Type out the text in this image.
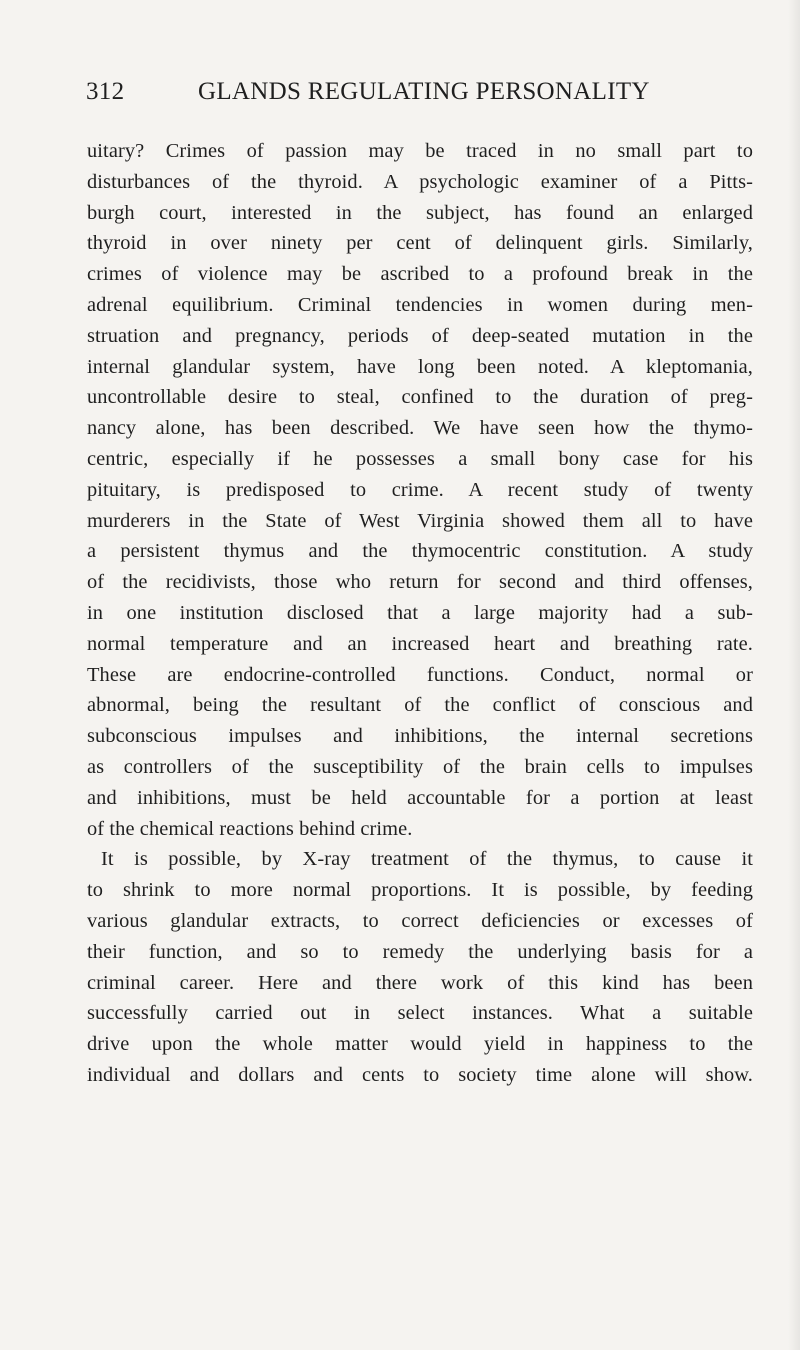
312	GLANDS REGULATING PERSONALITY

uitary? Crimes of passion may be traced in no small part to
disturbances of the thyroid. A psychologic examiner of a Pitts-
burgh court, interested in the subject, has found an enlarged
thyroid in over ninety per cent of delinquent girls. Similarly,
crimes of violence may be ascribed to a profound break in the
adrenal equilibrium. Criminal tendencies in women during men-
struation and pregnancy, periods of deep-seated mutation in the
internal glandular system, have long been noted. A kleptomania,
uncontrollable desire to steal, confined to the duration of preg-
nancy alone, has been described. We have seen how the thymo-
centric, especially if he possesses a small bony case for his
pituitary, is predisposed to crime. A recent study of twenty
murderers in the State of West Virginia showed them all to have
a persistent thymus and the thymocentric constitution. A study
of the recidivists, those who return for second and third offenses,
in one institution disclosed that a large majority had a sub-
normal temperature and an increased heart and breathing rate.
These are endocrine-controlled functions. Conduct, normal or
abnormal, being the resultant of the conflict of conscious and
subconscious impulses and inhibitions, the internal secretions
as controllers of the susceptibility of the brain cells to impulses
and inhibitions, must be held accountable for a portion at least
of the chemical reactions behind crime.

It is possible, by X-ray treatment of the thymus, to cause it
to shrink to more normal proportions. It is possible, by feeding
various glandular extracts, to correct deficiencies or excesses of
their function, and so to remedy the underlying basis for a
criminal career. Here and there work of this kind has been
successfully carried out in select instances. What a suitable
drive upon the whole matter would yield in happiness to the
individual and dollars and cents to society time alone will show.
